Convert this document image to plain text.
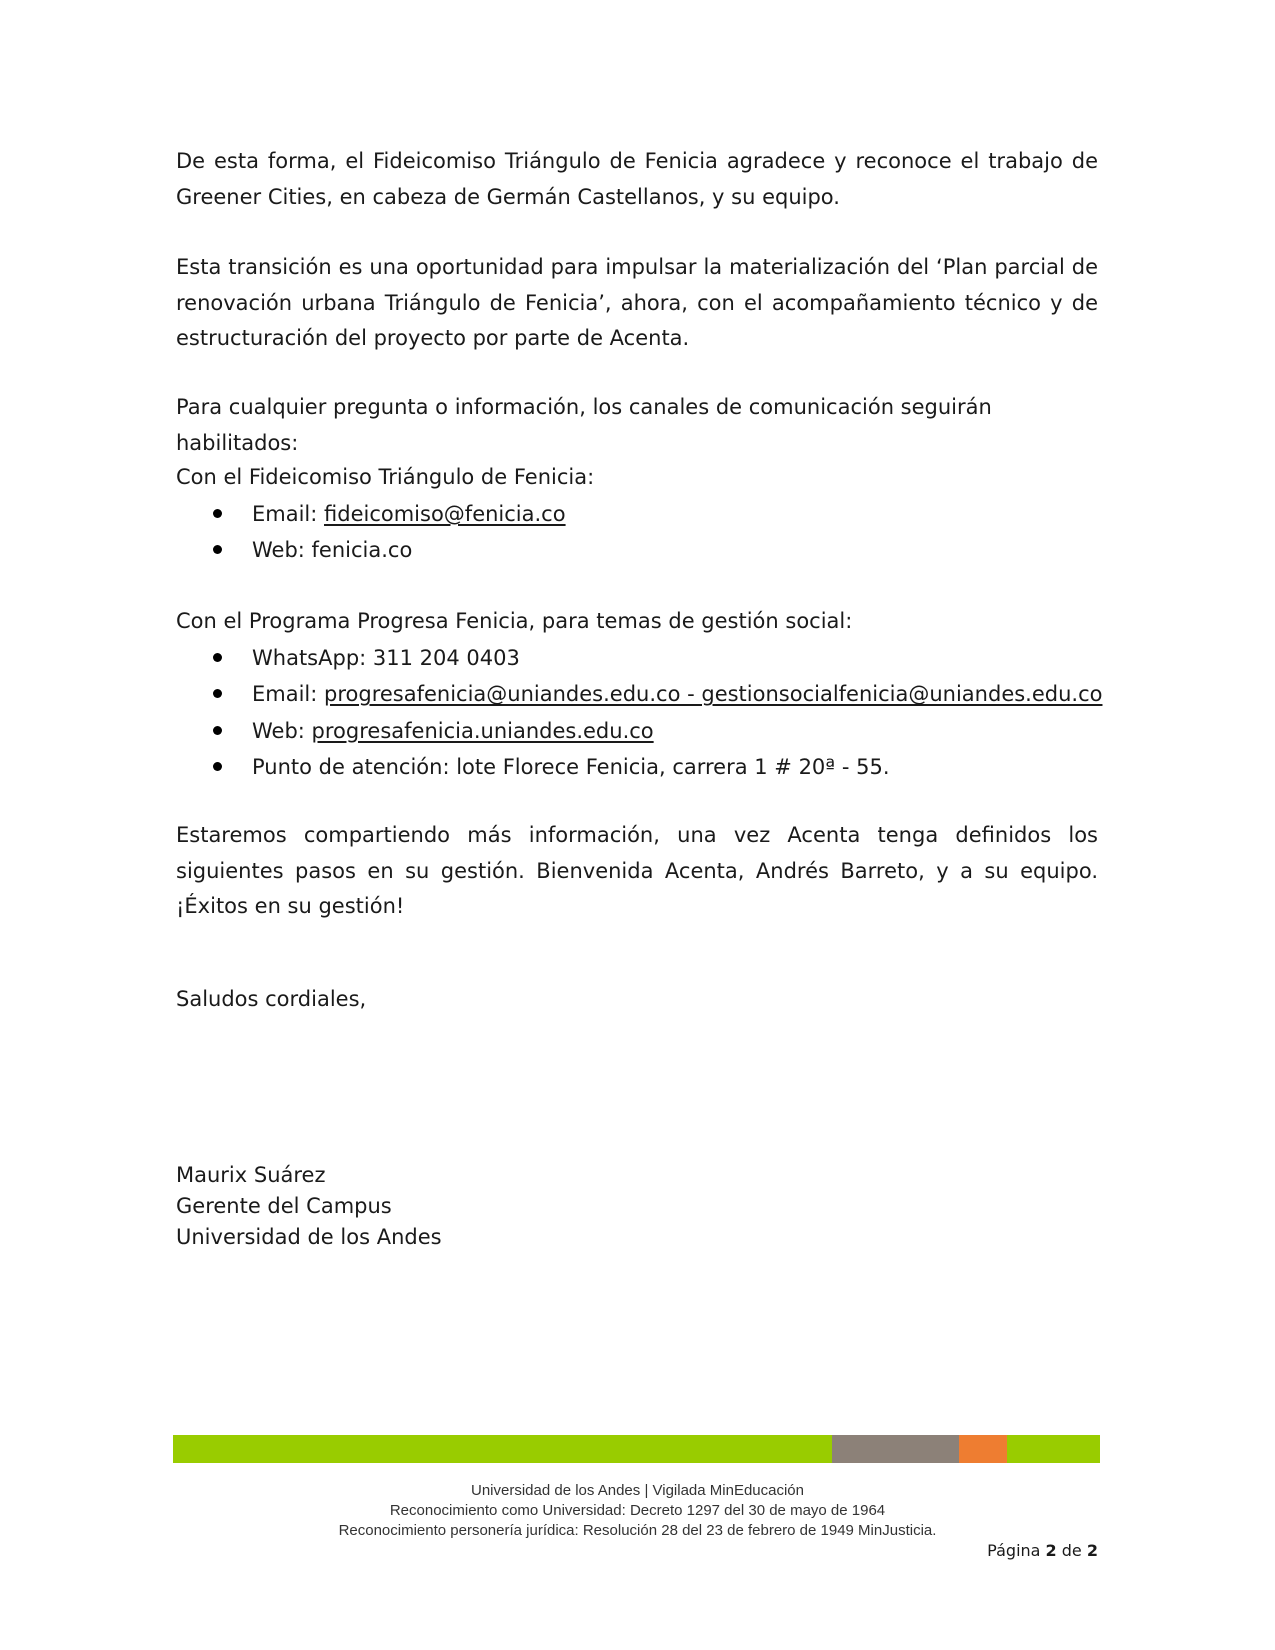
De esta forma, el Fideicomiso Triángulo de Fenicia agradece y reconoce el trabajo de Greener Cities, en cabeza de Germán Castellanos, y su equipo.

Esta transición es una oportunidad para impulsar la materialización del ‘Plan parcial de renovación urbana Triángulo de Fenicia’, ahora, con el acompañamiento técnico y de estructuración del proyecto por parte de Acenta.

Para cualquier pregunta o información, los canales de comunicación seguirán habilitados:

Con el Fideicomiso Triángulo de Fenicia:

Email: fideicomiso@fenicia.co
Web: fenicia.co

Con el Programa Progresa Fenicia, para temas de gestión social:

WhatsApp: 311 204 0403
Email: progresafenicia@uniandes.edu.co - gestionsocialfenicia@uniandes.edu.co
Web: progresafenicia.uniandes.edu.co
Punto de atención: lote Florece Fenicia, carrera 1 # 20ª - 55.

Estaremos compartiendo más información, una vez Acenta tenga definidos los siguientes pasos en su gestión. Bienvenida Acenta, Andrés Barreto, y a su equipo. ¡Éxitos en su gestión!

Saludos cordiales,

Maurix Suárez
Gerente del Campus
Universidad de los Andes
Universidad de los Andes | Vigilada MinEducación
Reconocimiento como Universidad: Decreto 1297 del 30 de mayo de 1964
Reconocimiento personería jurídica: Resolución 28 del 23 de febrero de 1949 MinJusticia.
Página 2 de 2
